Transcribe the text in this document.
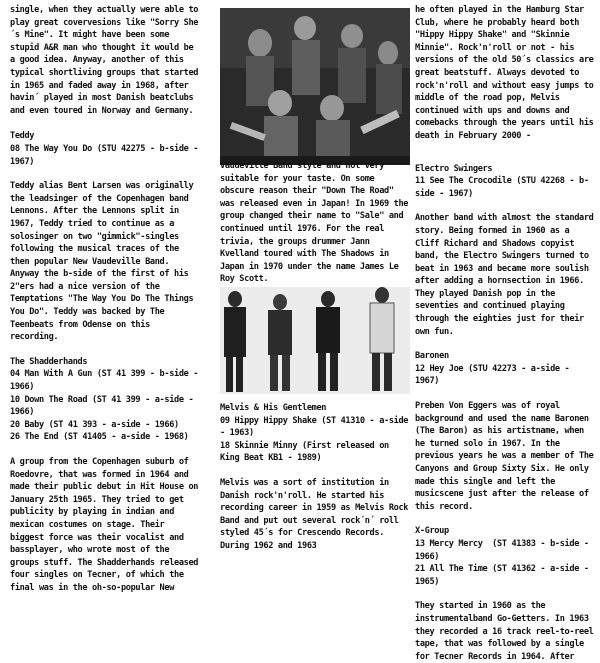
single, when they actually were able to play great covervesions like "Sorry She´s Mine". It might have been some stupid A&R man who thought it would be a good idea. Anyway, another of this typical shortliving groups that started in 1965 and faded away in 1968, after havin´ played in most Danish beatclubs and even toured in Norway and Germany.

Teddy

08 The Way You Do (STU 42275 - b-side - 1967)

Teddy alias Bent Larsen was originally the leadsinger of the Copenhagen band Lennons. After the Lennons split in 1967, Teddy tried to continue as a solosinger on two "gimmick"-singles following the musical traces of the then popular New Vaudeville Band. Anyway the b-side of the first of his 2"ers had a nice version of the Temptations "The Way You Do The Things You Do". Teddy was backed by The Teenbeats from Odense on this recording.

The Shadderhands

04 Man With A Gun (ST 41 399 - b-side - 1966)

10 Down The Road (ST 41 399 - a-side - 1966)

20 Baby (ST 41 393 - a-side - 1966)

26 The End (ST 41405 - a-side - 1968)

A group from the Copenhagen suburb of Roedovre, that was formed in 1964 and made their public debut in Hit House on January 25th 1965. They tried to get publicity by playing in indian and mexican costumes on stage. Their biggest force was their vocalist and bassplayer, who wrote most of the groups stuff. The Shadderhands released four singles on Tecner, of which the final was in the oh-so-popular New

Vaudeville Band style and not very suitable for your taste. On some obscure reason their "Down The Road" was released even in Japan! In 1969 the group changed their name to "Sale" and continued until 1976. For the real trivia, the groups drummer Jann Kvelland toured with The Shadows in Japan in 1970 under the name James Le Roy Scott.

Melvis & His Gentlemen

09 Hippy Hippy Shake (ST 41310 - a-side - 1963)

18 Skinnie Minny (First released on King Beat KB1 - 1989)

Melvis was a sort of institution in Danish rock'n'roll. He started his recording career in 1959 as Melvis Rock Band and put out several rock´n´ roll styled 45´s for Crescendo Records. During 1962 and 1963

he often played in the Hamburg Star Club, where he probably heard both "Hippy Hippy Shake" and "Skinnie Minnie". Rock'n'roll or not - his versions of the old 50´s classics are great beatstuff. Always devoted to rock'n'roll and without easy jumps to middle of the road pop, Melvis continued with ups and downs and comebacks through the years until his death in February 2000 -

Electro Swingers

11 See The Crocodile (STU 42268 - b-side - 1967)

Another band with almost the standard story. Being formed in 1960 as a Cliff Richard and Shadows copyist band, the Electro Swingers turned to beat in 1963 and became more soulish after adding a hornsection in 1966. They played Danish pop in the seventies and continued playing through the eighties just for their own fun.

Baronen

12 Hey Joe (STU 42273 - a-side - 1967)

Preben Von Eggers was of royal background and used the name Baronen (The Baron) as his artistname, when he turned solo in 1967. In the previous years he was a member of The Canyons and Group Sixty Six. He only made this single and left the musicscene just after the release of this record.

X-Group

13 Mercy Mercy  (ST 41383 - b-side - 1966)

21 All The Time (ST 41362 - a-side - 1965)

They started in 1960 as the instrumentalband Go-Getters. In 1963 they recorded a 16 track reel-to-reel tape, that was followed by a single for Tecner Records in 1964. After
